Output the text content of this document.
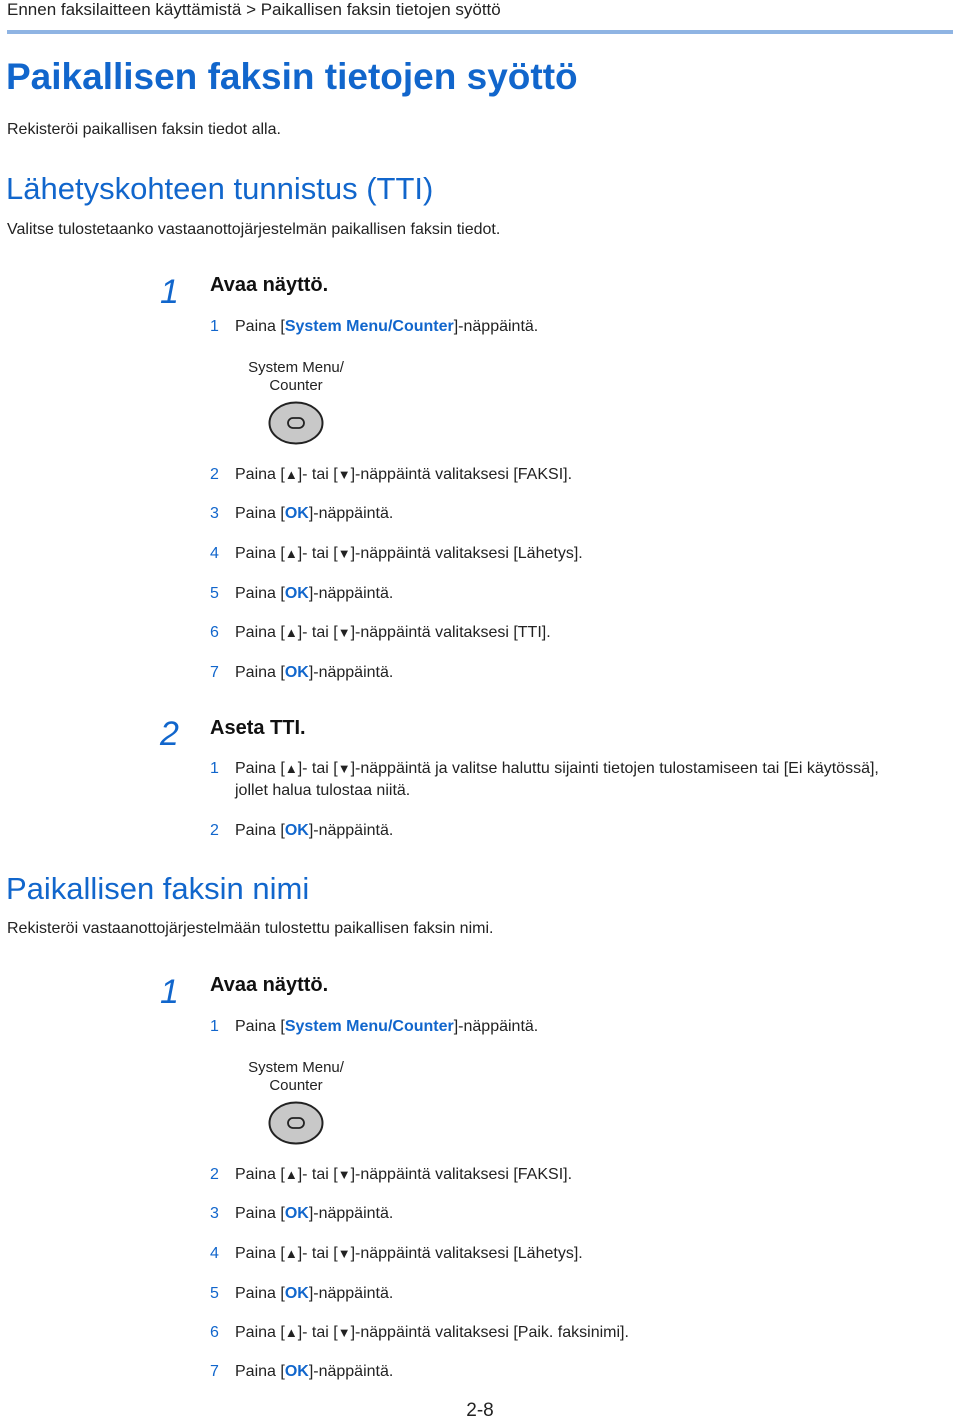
Ennen faksilaitteen käyttämistä > Paikallisen faksin tietojen syöttö
Paikallisen faksin tietojen syöttö
Rekisteröi paikallisen faksin tiedot alla.
Lähetyskohteen tunnistus (TTI)
Valitse tulostetaanko vastaanottojärjestelmän paikallisen faksin tiedot.
1 Avaa näyttö.
1 Paina [System Menu/Counter]-näppäintä.
System Menu/
Counter
2 Paina [▲]- tai [▼]-näppäintä valitaksesi [FAKSI].
3 Paina [OK]-näppäintä.
4 Paina [▲]- tai [▼]-näppäintä valitaksesi [Lähetys].
5 Paina [OK]-näppäintä.
6 Paina [▲]- tai [▼]-näppäintä valitaksesi [TTI].
7 Paina [OK]-näppäintä.
2 Aseta TTI.
1 Paina [▲]- tai [▼]-näppäintä ja valitse haluttu sijainti tietojen tulostamiseen tai [Ei käytössä], jollet halua tulostaa niitä.
2 Paina [OK]-näppäintä.
Paikallisen faksin nimi
Rekisteröi vastaanottojärjestelmään tulostettu paikallisen faksin nimi.
1 Avaa näyttö.
1 Paina [System Menu/Counter]-näppäintä.
System Menu/
Counter
2 Paina [▲]- tai [▼]-näppäintä valitaksesi [FAKSI].
3 Paina [OK]-näppäintä.
4 Paina [▲]- tai [▼]-näppäintä valitaksesi [Lähetys].
5 Paina [OK]-näppäintä.
6 Paina [▲]- tai [▼]-näppäintä valitaksesi [Paik. faksinimi].
7 Paina [OK]-näppäintä.
2-8
